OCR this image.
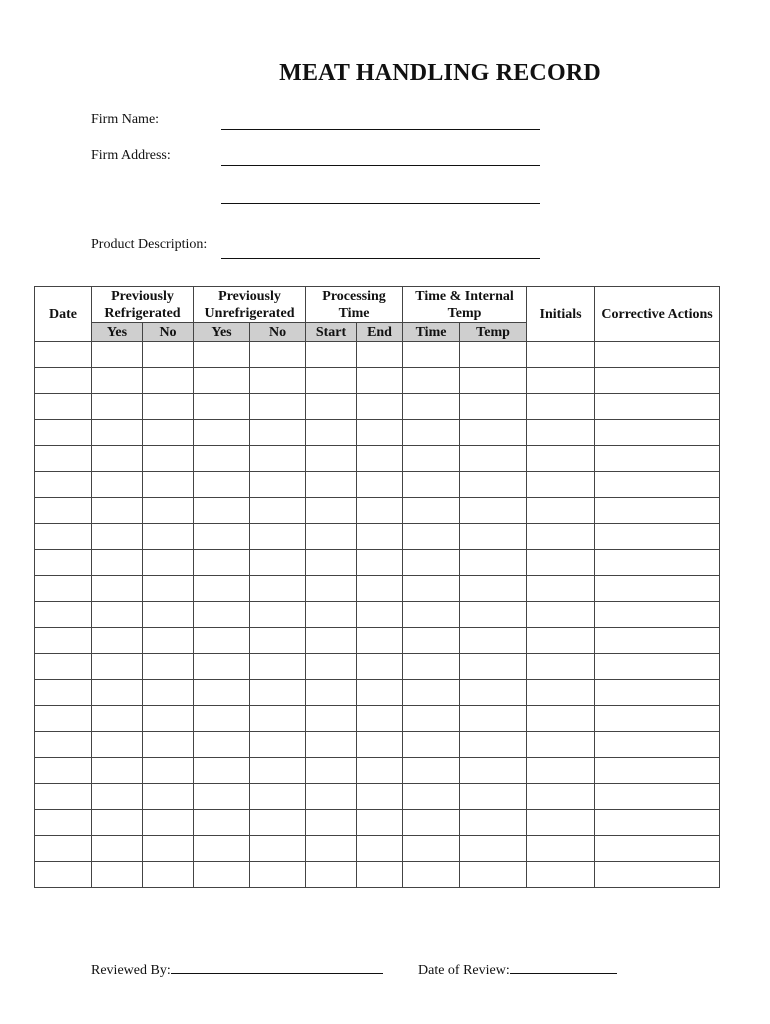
MEAT HANDLING RECORD
Firm Name:
Firm Address:
Product Description:
Date	Previously Refrigerated		Previously Unrefrigerated		Processing Time		Time & Internal Temp		Initials	Corrective Actions
	Yes	No	Yes	No	Start	End	Time	Temp		

Reviewed By:	Date of Review:
